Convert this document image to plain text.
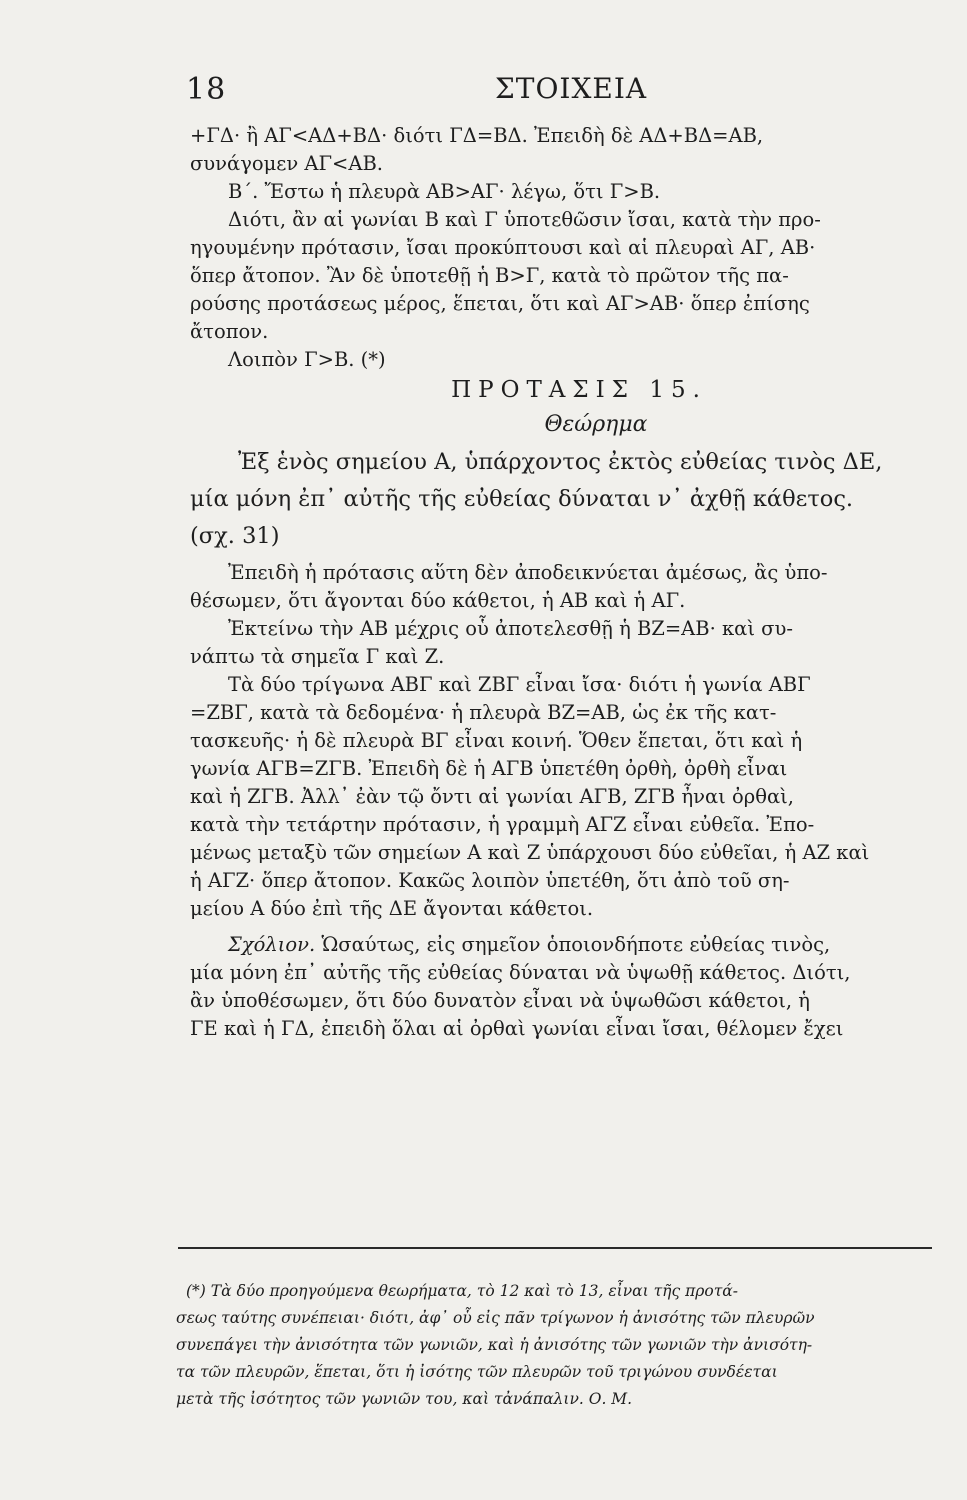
18	ΣΤΟΙΧΕΙΑ
+ΓΔ· ἢ ΑΓ<ΑΔ+ΒΔ· διότι ΓΔ=ΒΔ. Ἐπειδὴ δὲ ΑΔ+ΒΔ=ΑΒ,
συνάγομεν ΑΓ<ΑΒ.
Β΄. Ἔστω ἡ πλευρὰ ΑΒ>ΑΓ· λέγω, ὅτι Γ>Β.
Διότι, ἂν αἱ γωνίαι Β καὶ Γ ὑποτεθῶσιν ἴσαι, κατὰ τὴν προ-
ηγουμένην πρότασιν, ἴσαι προκύπτουσι καὶ αἱ πλευραὶ ΑΓ, ΑΒ·
ὅπερ ἄτοπον. Ἂν δὲ ὑποτεθῇ ἡ Β>Γ, κατὰ τὸ πρῶτον τῆς πα-
ρούσης προτάσεως μέρος, ἕπεται, ὅτι καὶ ΑΓ>ΑΒ· ὅπερ ἐπίσης
ἄτοπον.
Λοιπὸν Γ>Β. (*)
ΠΡΟΤΑΣΙΣ 15.
Θεώρημα
Ἐξ ἑνὸς σημείου Α, ὑπάρχοντος ἐκτὸς εὐθείας τινὸς ΔΕ,
μία μόνη ἐπ᾽ αὐτῆς τῆς εὐθείας δύναται ν᾽ ἀχθῇ κάθετος.
(σχ. 31)
Ἐπειδὴ ἡ πρότασις αὕτη δὲν ἀποδεικνύεται ἀμέσως, ἂς ὑπο-
θέσωμεν, ὅτι ἄγονται δύο κάθετοι, ἡ ΑΒ καὶ ἡ ΑΓ.
Ἐκτείνω τὴν ΑΒ μέχρις οὗ ἀποτελεσθῇ ἡ ΒΖ=ΑΒ· καὶ συ-
νάπτω τὰ σημεῖα Γ καὶ Ζ.
Τὰ δύο τρίγωνα ΑΒΓ καὶ ΖΒΓ εἶναι ἴσα· διότι ἡ γωνία ΑΒΓ
=ΖΒΓ, κατὰ τὰ δεδομένα· ἡ πλευρὰ ΒΖ=ΑΒ, ὡς ἐκ τῆς κατ-
τασκευῆς· ἡ δὲ πλευρὰ ΒΓ εἶναι κοινή. Ὅθεν ἕπεται, ὅτι καὶ ἡ
γωνία ΑΓΒ=ΖΓΒ. Ἐπειδὴ δὲ ἡ ΑΓΒ ὑπετέθη ὀρθὴ, ὀρθὴ εἶναι
καὶ ἡ ΖΓΒ. Ἀλλ᾽ ἐὰν τῷ ὄντι αἱ γωνίαι ΑΓΒ, ΖΓΒ ἦναι ὀρθαὶ,
κατὰ τὴν τετάρτην πρότασιν, ἡ γραμμὴ ΑΓΖ εἶναι εὐθεῖα. Ἐπο-
μένως μεταξὺ τῶν σημείων Α καὶ Ζ ὑπάρχουσι δύο εὐθεῖαι, ἡ ΑΖ καὶ
ἡ ΑΓΖ· ὅπερ ἄτοπον. Κακῶς λοιπὸν ὑπετέθη, ὅτι ἀπὸ τοῦ ση-
μείου Α δύο ἐπὶ τῆς ΔΕ ἄγονται κάθετοι.
Σχόλιον. Ὡσαύτως, εἰς σημεῖον ὁποιονδήποτε εὐθείας τινὸς,
μία μόνη ἐπ᾽ αὐτῆς τῆς εὐθείας δύναται νὰ ὑψωθῇ κάθετος. Διότι,
ἂν ὑποθέσωμεν, ὅτι δύο δυνατὸν εἶναι νὰ ὑψωθῶσι κάθετοι, ἡ
ΓΕ καὶ ἡ ΓΔ, ἐπειδὴ ὅλαι αἱ ὀρθαὶ γωνίαι εἶναι ἴσαι, θέλομεν ἔχει
(*) Τὰ δύο προηγούμενα θεωρήματα, τὸ 12 καὶ τὸ 13, εἶναι τῆς προτά-
σεως ταύτης συνέπειαι· διότι, ἀφ᾽ οὗ εἰς πᾶν τρίγωνον ἡ ἀνισότης τῶν πλευρῶν
συνεπάγει τὴν ἀνισότητα τῶν γωνιῶν, καὶ ἡ ἀνισότης τῶν γωνιῶν τὴν ἀνισότη-
τα τῶν πλευρῶν, ἕπεται, ὅτι ἡ ἰσότης τῶν πλευρῶν τοῦ τριγώνου συνδέεται
μετὰ τῆς ἰσότητος τῶν γωνιῶν του, καὶ τἀνάπαλιν. Ο. Μ.
